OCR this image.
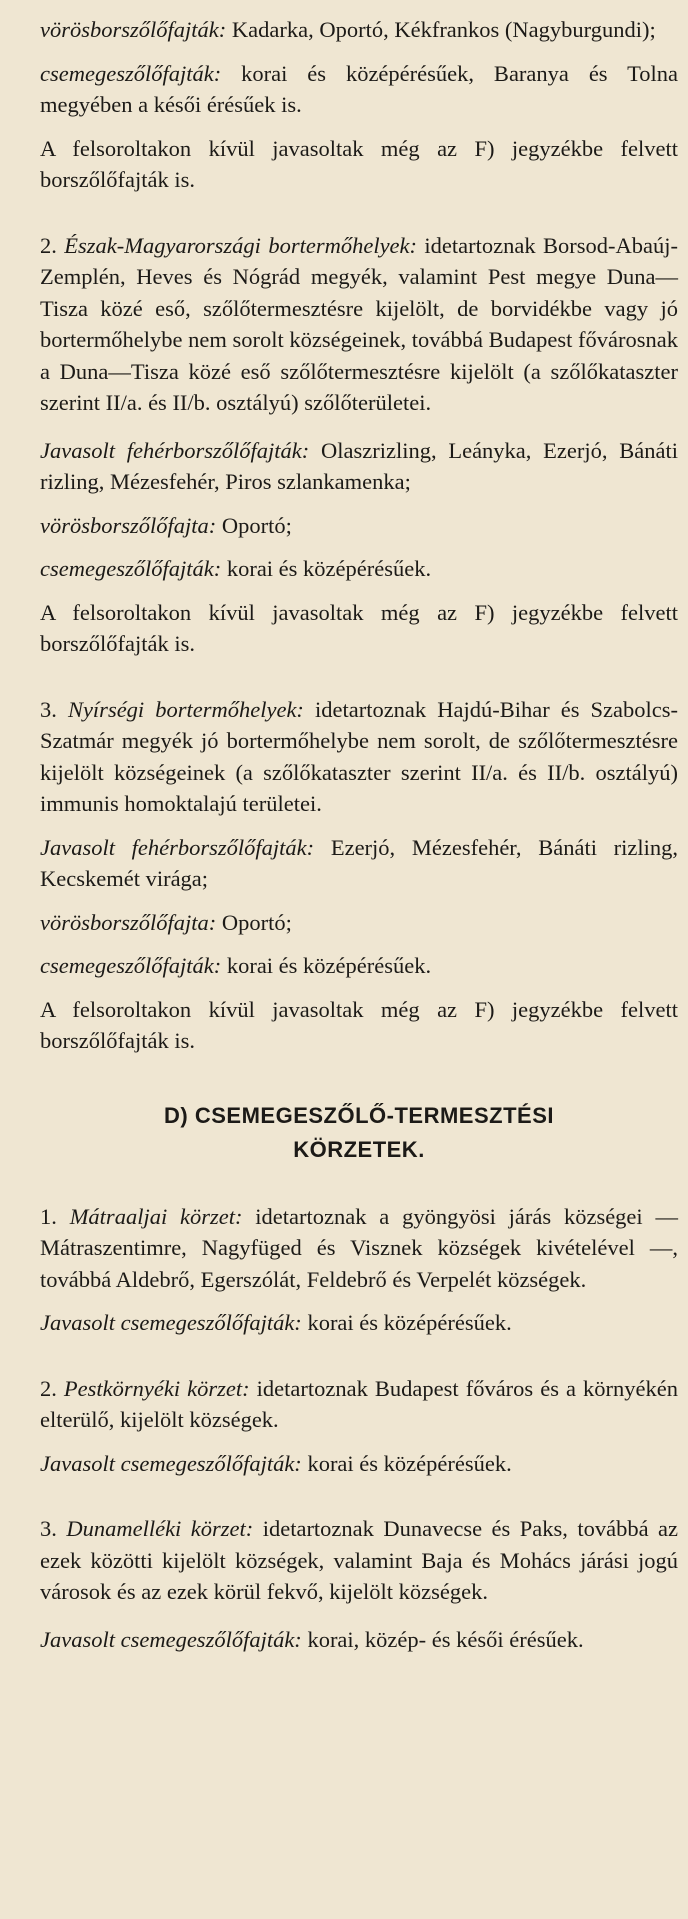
vörösborszőlőfajták: Kadarka, Oportó, Kékfrankos (Nagyburgundi);

csemegeszőlőfajták: korai és középérésűek, Baranya és Tolna megyében a késői érésűek is.

A felsoroltakon kívül javasoltak még az F) jegyzékbe felvett borszőlőfajták is.

2. Észak-Magyarországi bortermőhelyek: idetartoznak Borsod-Abaúj-Zemplén, Heves és Nógrád megyék, valamint Pest megye Duna—Tisza közé eső, szőlőtermesztésre kijelölt, de borvidékbe vagy jó bortermőhelybe nem sorolt községeinek, továbbá Budapest fővárosnak a Duna—Tisza közé eső szőlőtermesztésre kijelölt (a szőlőkataszter szerint II/a. és II/b. osztályú) szőlőterületei.

Javasolt fehérborszőlőfajták: Olaszrizling, Leányka, Ezerjó, Bánáti rizling, Mézesfehér, Piros szlankamenka;

vörösborszőlőfajta: Oportó;

csemegeszőlőfajták: korai és középérésűek.

A felsoroltakon kívül javasoltak még az F) jegyzékbe felvett borszőlőfajták is.

3. Nyírségi bortermőhelyek: idetartoznak Hajdú-Bihar és Szabolcs-Szatmár megyék jó bortermőhelybe nem sorolt, de szőlőtermesztésre kijelölt községeinek (a szőlőkataszter szerint II/a. és II/b. osztályú) immunis homoktalajú területei.

Javasolt fehérborszőlőfajták: Ezerjó, Mézesfehér, Bánáti rizling, Kecskemét virága;

vörösborszőlőfajta: Oportó;

csemegeszőlőfajták: korai és középérésűek.

A felsoroltakon kívül javasoltak még az F) jegyzékbe felvett borszőlőfajták is.

D) CSEMEGESZŐLŐ-TERMESZTÉSI
KÖRZETEK.

1. Mátraaljai körzet: idetartoznak a gyöngyösi járás községei — Mátraszentimre, Nagyfüged és Visznek községek kivételével —, továbbá Aldebrő, Egerszólát, Feldebrő és Verpelét községek.

Javasolt csemegeszőlőfajták: korai és középérésűek.

2. Pestkörnyéki körzet: idetartoznak Budapest főváros és a környékén elterülő, kijelölt községek.

Javasolt csemegeszőlőfajták: korai és középérésűek.

3. Dunamelléki körzet: idetartoznak Dunavecse és Paks, továbbá az ezek közötti kijelölt községek, valamint Baja és Mohács járási jogú városok és az ezek körül fekvő, kijelölt községek.

Javasolt csemegeszőlőfajták: korai, közép- és késői érésűek.
